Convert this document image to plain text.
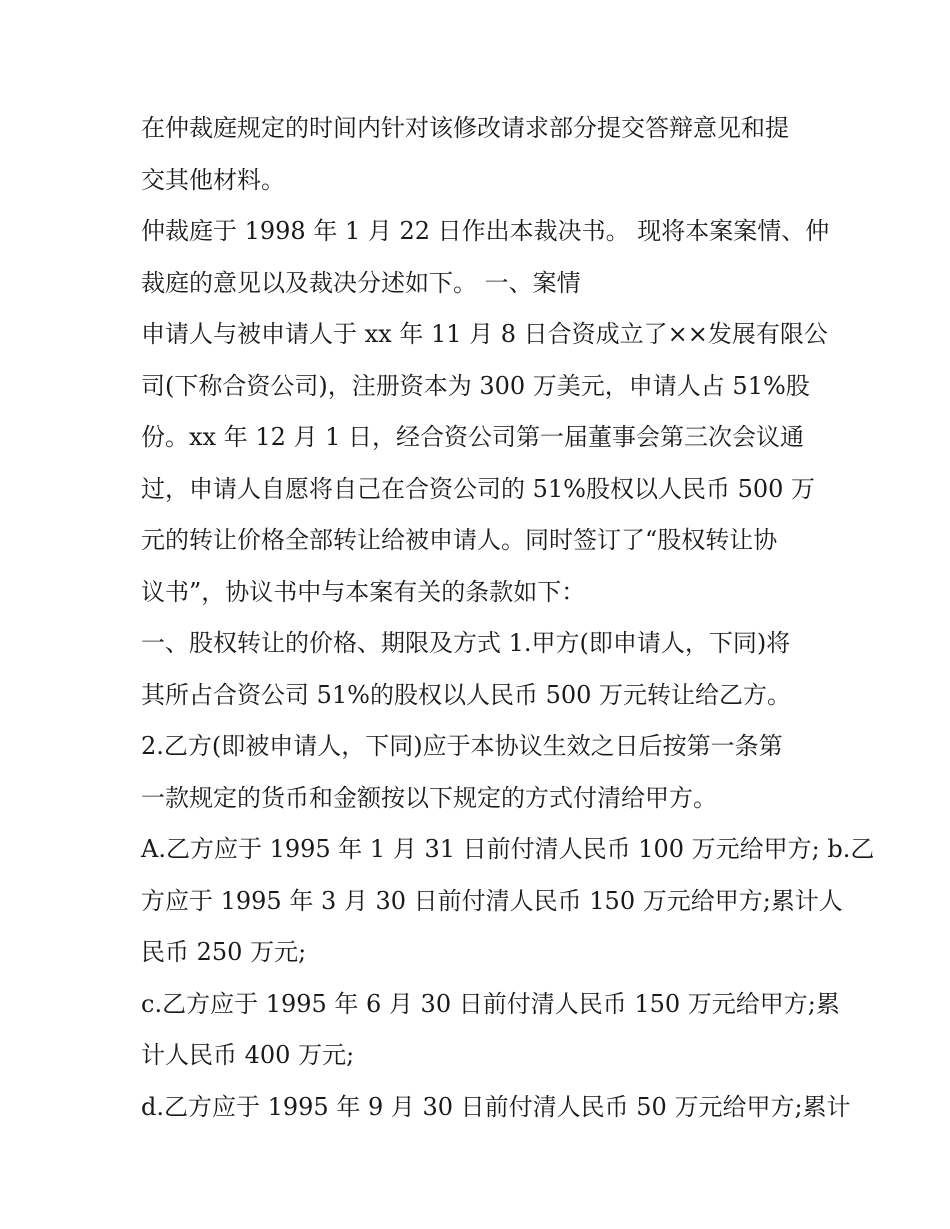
在仲裁庭规定的时间内针对该修改请求部分提交答辩意见和提
交其他材料。

仲裁庭于 1998 年 1 月 22 日作出本裁决书。 现将本案案情、仲
裁庭的意见以及裁决分述如下。 一、案情

申请人与被申请人于 xx 年 11 月 8 日合资成立了××发展有限公
司(下称合资公司)，注册资本为 300 万美元，申请人占 51%股
份。xx 年 12 月 1 日，经合资公司第一届董事会第三次会议通
过，申请人自愿将自己在合资公司的 51%股权以人民币 500 万
元的转让价格全部转让给被申请人。同时签订了“股权转让协
议书”，协议书中与本案有关的条款如下：

一、股权转让的价格、期限及方式 1.甲方(即申请人，下同)将
其所占合资公司 51%的股权以人民币 500 万元转让给乙方。

2.乙方(即被申请人，下同)应于本协议生效之日后按第一条第
一款规定的货币和金额按以下规定的方式付清给甲方。

A.乙方应于 1995 年 1 月 31 日前付清人民币 100 万元给甲方; b.乙
方应于 1995 年 3 月 30 日前付清人民币 150 万元给甲方;累计人
民币 250 万元;

c.乙方应于 1995 年 6 月 30 日前付清人民币 150 万元给甲方;累
计人民币 400 万元;

d.乙方应于 1995 年 9 月 30 日前付清人民币 50 万元给甲方;累计
